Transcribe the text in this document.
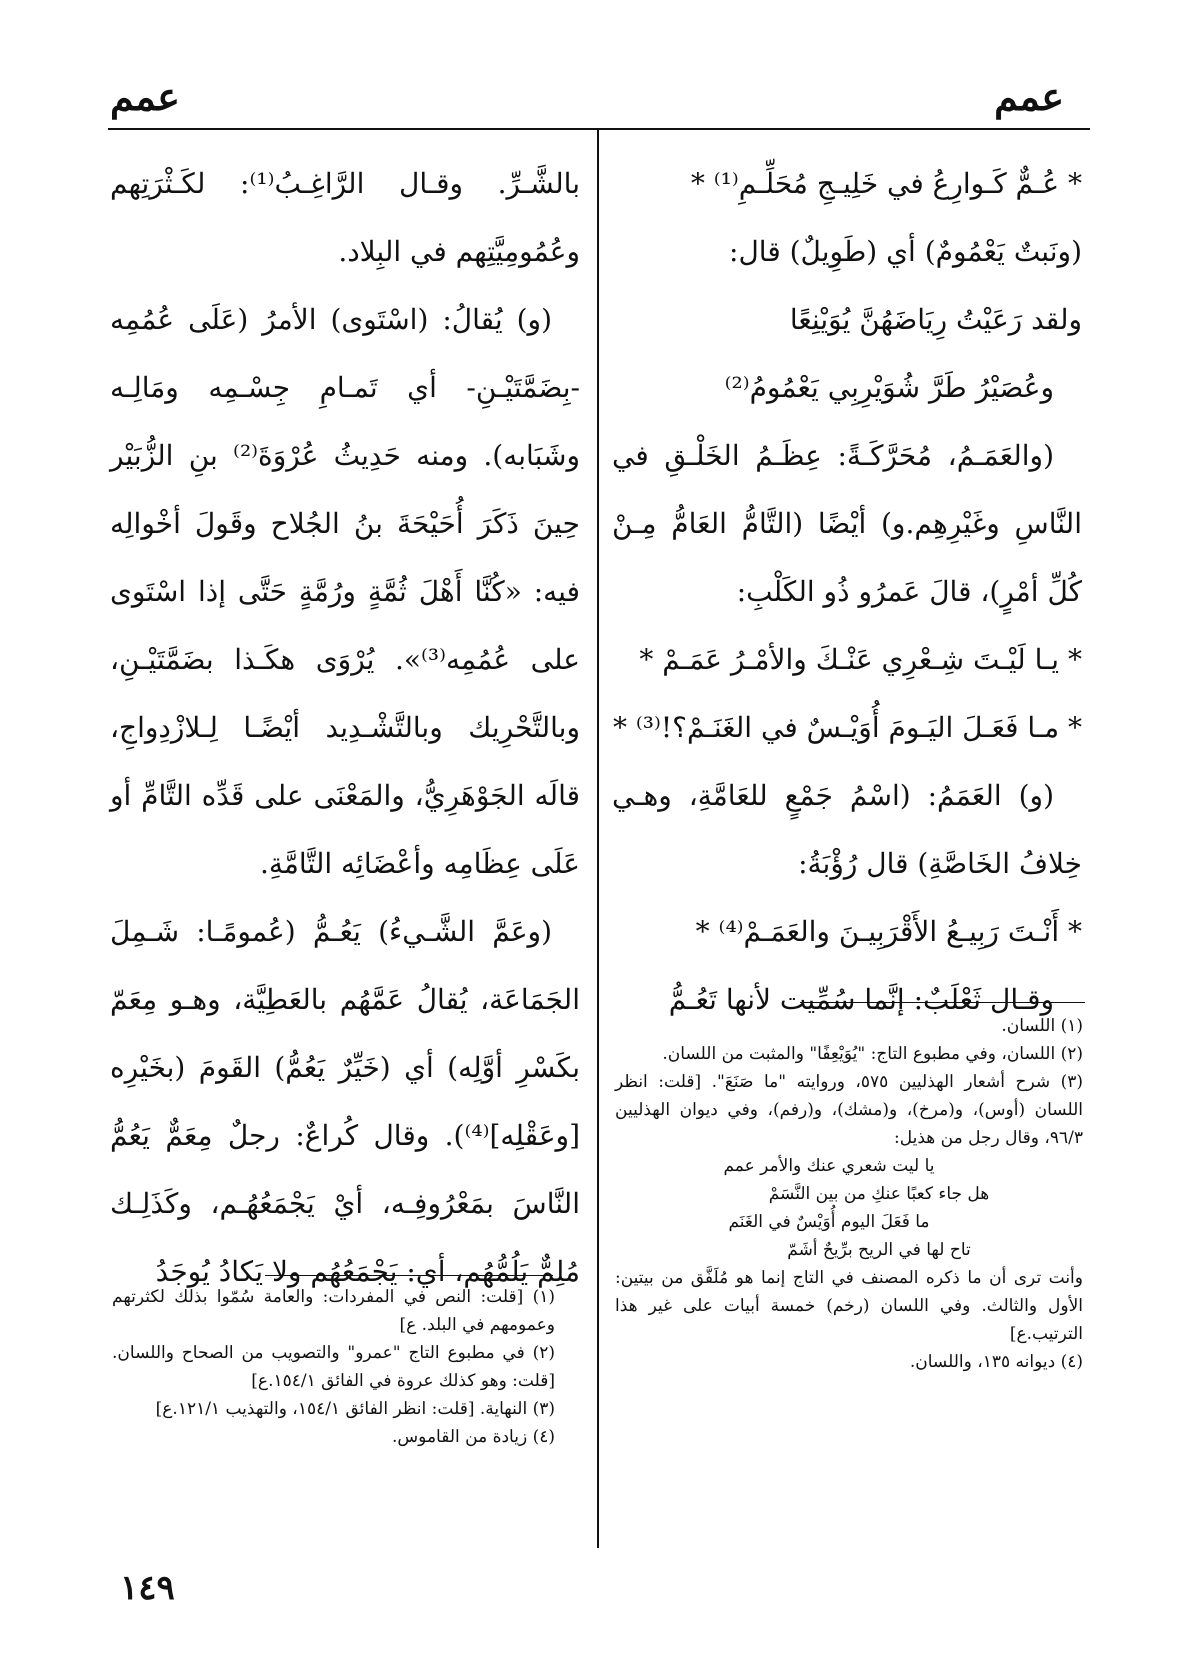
عمم	عمم

* عُـمٌّ كَـوارِعُ في خَلِيـجِ مُحَلِّـمِ⁽¹⁾ *

(ونَبتٌ يَعْمُومٌ) أي (طَوِيلٌ) قال:

ولقد رَعَيْتُ رِيَاضَهُنَّ يُوَيْنِعًا

وعُصَيْرُ طَرَّ شُوَيْرِبِي يَعْمُومُ⁽²⁾

(والعَمَـمُ، مُحَرَّكَـةً: عِظَـمُ الخَلْـقِ في النَّاسِ وغَيْرِهِم.و) أيْضًا (التَّامُّ العَامُّ مِـنْ كُلِّ أمْرٍ)، قالَ عَمرُو ذُو الكَلْبِ:

* يـا لَيْـتَ شِـعْرِي عَنْـكَ والأمْـرُ عَمَـمْ *

* مـا فَعَـلَ اليَـومَ أُوَيْـسٌ في الغَنَـمْ؟!⁽³⁾ *

(و) العَمَمُ: (اسْمُ جَمْعٍ للعَامَّةِ، وهـي خِلافُ الخَاصَّةِ) قال رُؤْبَةُ:

* أَنْـتَ رَبِيـعُ الأَقْرَبِيـنَ والعَمَـمْ⁽⁴⁾ *

وقـال ثَعْلَبٌ: إنَّما سُمِّيت لأنها تَعُـمُّ

بالشَّـرِّ. وقـال الرَّاغِـبُ⁽¹⁾: لكَـثْرَتِهم وعُمُومِيَّتِهم في البِلاد.

(و) يُقالُ: (اسْتَوى) الأمرُ (عَلَى عُمُمِه -بِضَمَّتَيْـنِ- أي تَمـامِ جِسْـمِه ومَالِـه وشَبَابه). ومنه حَدِيثُ عُرْوَةَ⁽²⁾ بنِ الزُّبَيْر حِينَ ذَكَرَ أُحَيْحَةَ بنُ الجُلاح وقَولَ أخْوالِه فيه: «كُنَّا أَهْلَ ثُمَّةٍ ورُمَّةٍ حَتَّى إذا اسْتَوى على عُمُمِه⁽³⁾». يُرْوَى هكَـذا بضَمَّتَيْـنِ، وبالتَّحْرِيك وبالتَّشْـدِيد أيْضًـا لِـلازْدِواجِ، قالَه الجَوْهَرِيُّ، والمَعْنَى على قَدِّه التَّامِّ أو عَلَى عِظَامِه وأعْضَائِه التَّامَّةِ.

(وعَمَّ الشَّـيءُ) يَعُـمُّ (عُمومًـا: شَـمِلَ الجَمَاعَة، يُقالُ عَمَّهُم بالعَطِيَّة، وهـو مِعَمّ بكَسْرِ أوَّلِه) أي (خَيِّرٌ يَعُمُّ) القَومَ (بخَيْرِه [وعَقْلِه]⁽⁴⁾). وقال كُراعٌ: رجلٌ مِعَمٌّ يَعُمُّ النَّاسَ بمَعْرُوفِـه، أيْ يَجْمَعُهُـم، وكَذَلِـك مُلِمٌّ يَلُمُّهُم، أي: يَجْمَعُهُم ولا يَكادُ يُوجَدُ

(١) اللسان.

(٢) اللسان، وفي مطبوع التاج: "يُوَيْعِفًا" والمثبت من اللسان.

(٣) شرح أشعار الهذليين ٥٧٥، وروايته "ما صَنَعَ". [قلت: انظر اللسان (أوس)، و(مرخ)، و(مشك)، و(رفم)، وفي ديوان الهذليين ٩٦/٣، وقال رجل من هذيل:

يا ليت شعري عنك والأمر عمم

هل جاء كعبًا عنكِ من بين النَّسَمْ

ما فَعَلَ اليوم أُوَيْسٌ في الغَنَم

تاح لها في الريح برِّيحٌ أشَمّ

وأنت ترى أن ما ذكره المصنف في التاج إنما هو مُلَفَّق من بيتين: الأول والثالث. وفي اللسان (رخم) خمسة أبيات على غير هذا الترتيب.ع]

(٤) ديوانه ١٣٥، واللسان.

(١) [قلت: النص في المفردات: والعامة سُمّوا بذلك لكثرتهم وعمومهم في البلد. ع]

(٢) في مطبوع التاج "عمرو" والتصويب من الصحاح واللسان. [قلت: وهو كذلك عروة في الفائق ١٥٤/١.ع]

(٣) النهاية. [قلت: انظر الفائق ١٥٤/١، والتهذيب ١٢١/١.ع]

(٤) زيادة من القاموس.

١٤٩
